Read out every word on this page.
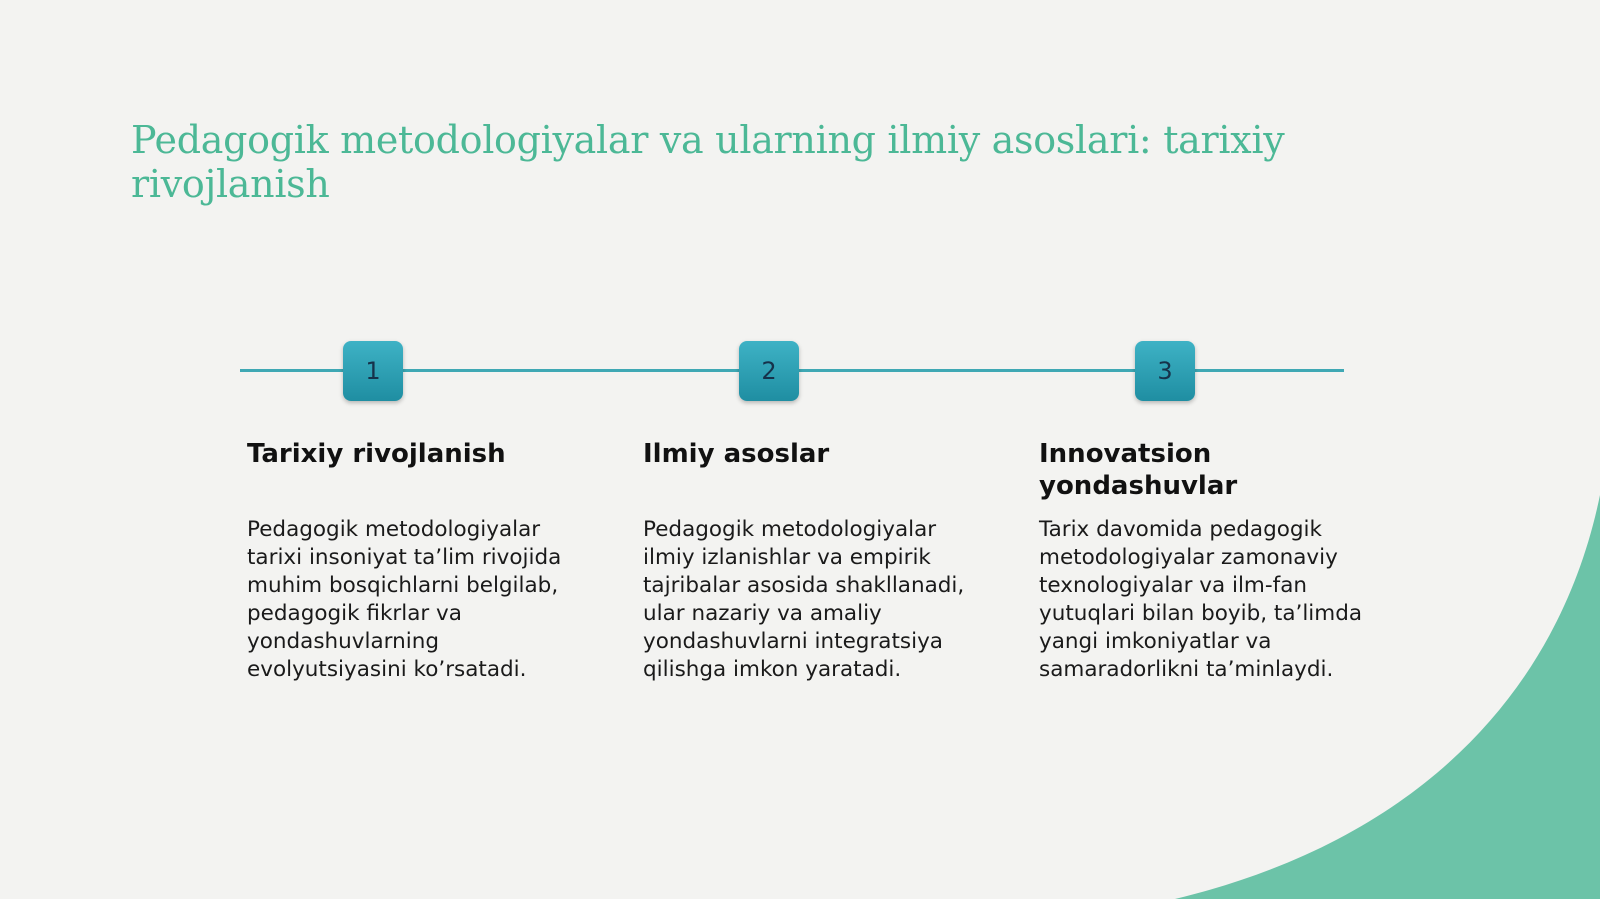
Pedagogik metodologiyalar va ularning ilmiy asoslari: tarixiy rivojlanish
1	2	3
Tarixiy rivojlanish

Pedagogik metodologiyalar tarixi insoniyat ta’lim rivojida muhim bosqichlarni belgilab, pedagogik fikrlar va yondashuvlarning evolyutsiyasini ko’rsatadi.

Ilmiy asoslar

Pedagogik metodologiyalar ilmiy izlanishlar va empirik tajribalar asosida shakllanadi, ular nazariy va amaliy yondashuvlarni integratsiya qilishga imkon yaratadi.

Innovatsion yondashuvlar

Tarix davomida pedagogik metodologiyalar zamonaviy texnologiyalar va ilm-fan yutuqlari bilan boyib, ta’limda yangi imkoniyatlar va samaradorlikni ta’minlaydi.
